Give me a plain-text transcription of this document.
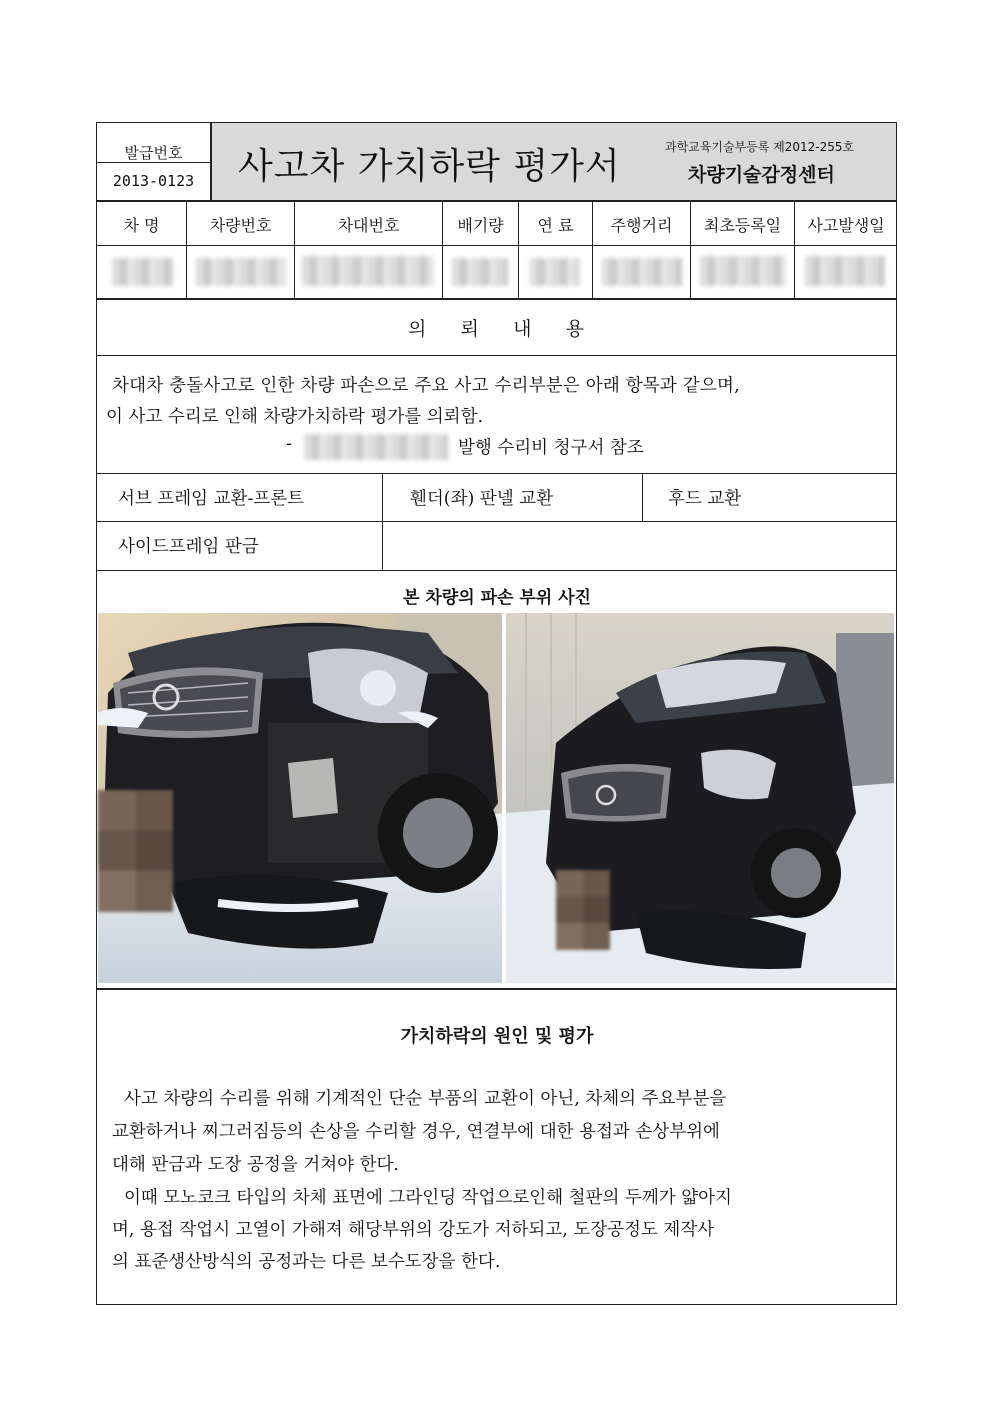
발급번호
2013-0123	사고차 가치하락 평가서	과학교육기술부등록 제2012-255호
차량기술감정센터
차 명	차량번호	차대번호	배기량	연 료	주행거리	최초등록일	사고발생일
의    뢰    내    용
차대차 충돌사고로 인한 차량 파손으로 주요 사고 수리부분은 아래 항목과 같으며,
이 사고 수리로 인해 차량가치하락 평가를 의뢰함.
-	발행 수리비 청구서 참조
서브 프레임 교환-프론트	휀더(좌) 판넬 교환	후드 교환
사이드프레임 판금
본 차량의 파손 부위 사진
가치하락의 원인 및 평가
사고 차량의 수리를 위해 기계적인 단순 부품의 교환이 아닌, 차체의 주요부분을
교환하거나 찌그러짐등의 손상을 수리할 경우, 연결부에 대한 용접과 손상부위에
대해 판금과 도장 공정을 거쳐야 한다.
이때 모노코크 타입의 차체 표면에 그라인딩 작업으로인해 철판의 두께가 얇아지
며, 용접 작업시 고열이 가해져 해당부위의 강도가 저하되고, 도장공정도 제작사
의 표준생산방식의 공정과는 다른 보수도장을 한다.
